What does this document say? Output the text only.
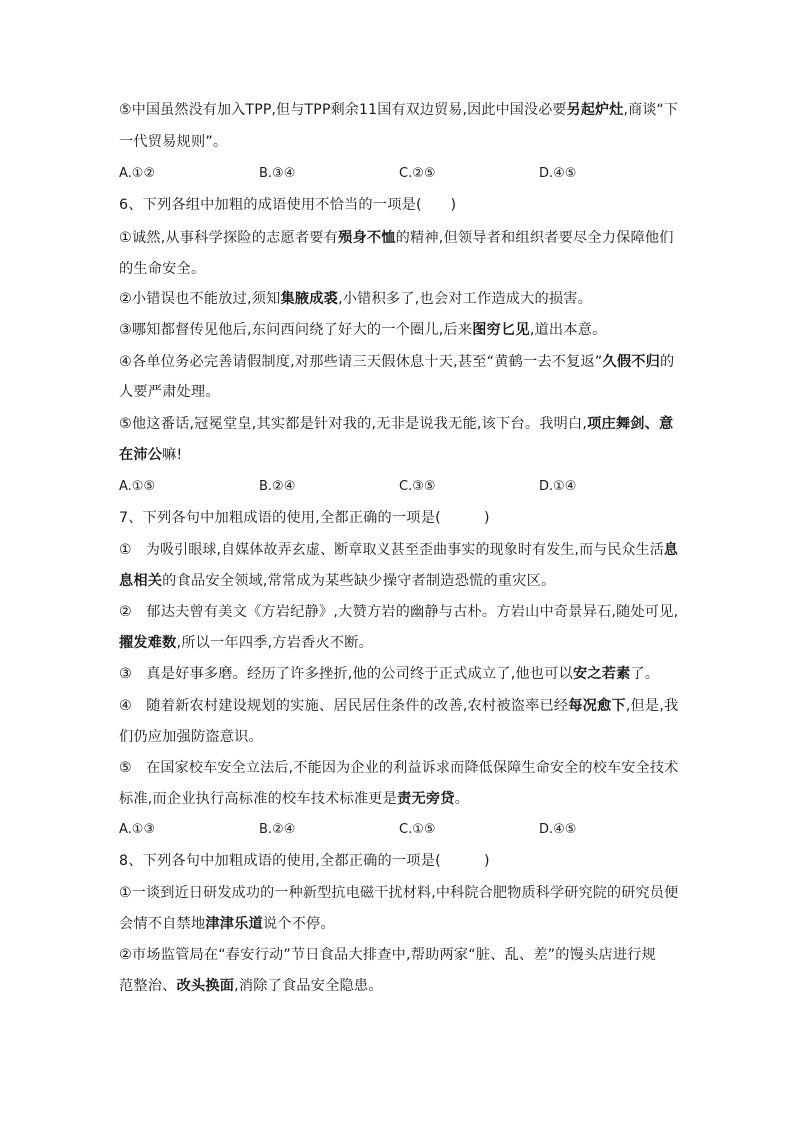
⑤中国虽然没有加入TPP,但与TPP剩余11国有双边贸易,因此中国没必要另起炉灶,商谈“下
一代贸易规则”。
A.①②	B.③④	C.②⑤	D.④⑤
6、下列各组中加粗的成语使用不恰当的一项是(　　)
①诚然,从事科学探险的志愿者要有殒身不恤的精神,但领导者和组织者要尽全力保障他们
的生命安全。
②小错误也不能放过,须知集腋成裘,小错积多了,也会对工作造成大的损害。
③哪知都督传见他后,东问西问绕了好大的一个圈儿,后来图穷匕见,道出本意。
④各单位务必完善请假制度,对那些请三天假休息十天,甚至“黄鹤一去不复返”久假不归的
人要严肃处理。
⑤他这番话,冠冕堂皇,其实都是针对我的,无非是说我无能,该下台。我明白,项庄舞剑、意
在沛公嘛!
A.①⑤	B.②④	C.③⑤	D.①④
7、下列各句中加粗成语的使用,全都正确的一项是(　　　)
①　为吸引眼球,自媒体故弄玄虚、断章取义甚至歪曲事实的现象时有发生,而与民众生活息
息相关的食品安全领域,常常成为某些缺少操守者制造恐慌的重灾区。
②　郁达夫曾有美文《方岩纪静》,大赞方岩的幽静与古朴。方岩山中奇景异石,随处可见,
擢发难数,所以一年四季,方岩香火不断。
③　真是好事多磨。经历了许多挫折,他的公司终于正式成立了,他也可以安之若素了。
④　随着新农村建设规划的实施、居民居住条件的改善,农村被盗率已经每况愈下,但是,我
们仍应加强防盗意识。
⑤　在国家校车安全立法后,不能因为企业的利益诉求而降低保障生命安全的校车安全技术
标准,而企业执行高标准的校车技术标准更是责无旁贷。
A.①③	B.②④	C.①⑤	D.④⑤
8、下列各句中加粗成语的使用,全都正确的一项是(　　　)
①一谈到近日研发成功的一种新型抗电磁干扰材料,中科院合肥物质科学研究院的研究员便
会情不自禁地津津乐道说个不停。
②市场监管局在“春安行动”节日食品大排查中,帮助两家“脏、乱、差”的馒头店进行规
范整治、改头换面,消除了食品安全隐患。
